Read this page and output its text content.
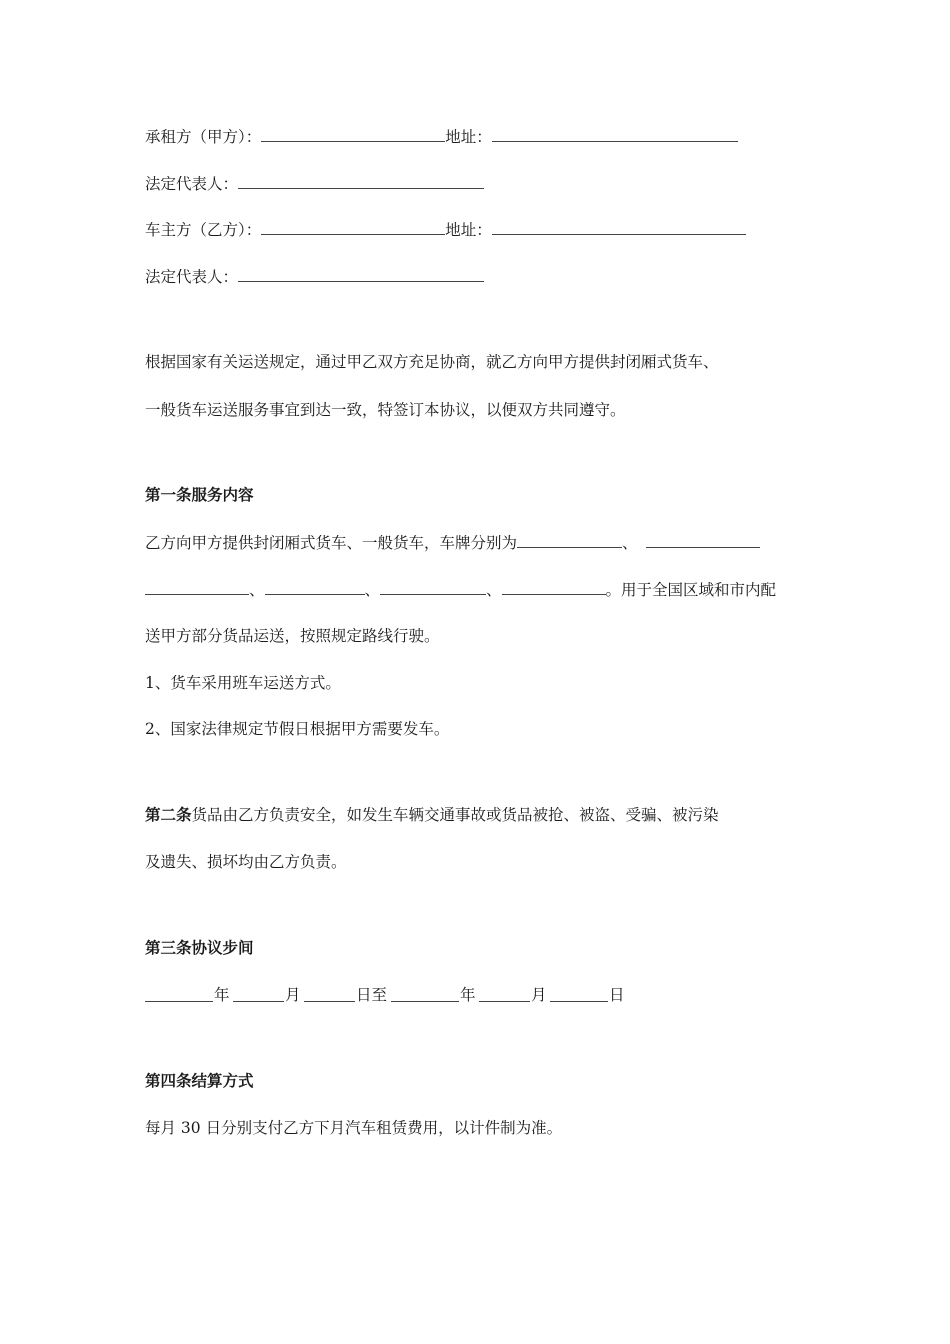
承租方（甲方）：	地址：
法定代表人：
车主方（乙方）：	地址：
法定代表人：
根据国家有关运送规定，通过甲乙双方充足协商，就乙方向甲方提供封闭厢式货车、
一般货车运送服务事宜到达一致，特签订本协议，以便双方共同遵守。
第一条服务内容
乙方向甲方提供封闭厢式货车、一般货车，车牌分别为	、
、	、	、	。用于全国区域和市内配
送甲方部分货品运送，按照规定路线行驶。
1、货车采用班车运送方式。
2、国家法律规定节假日根据甲方需要发车。
第二条货品由乙方负责安全，如发生车辆交通事故或货品被抢、被盗、受骗、被污染
及遗失、损坏均由乙方负责。
第三条协议步间
年	月	日至	年	月	日
第四条结算方式
每月 30 日分别支付乙方下月汽车租赁费用，以计件制为准。
